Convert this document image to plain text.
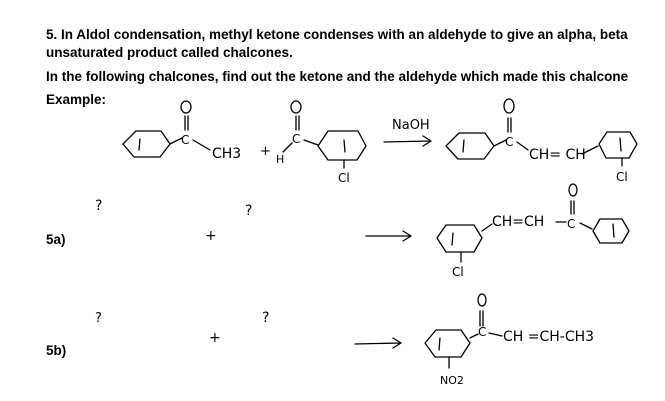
5. In Aldol condensation, methyl ketone condenses with an aldehyde to give an alpha, beta
unsaturated product called chalcones.
In the following chalcones, find out the ketone and the aldehyde which made this chalcone
Example:
5a)
5b)
C
CH3 +
C
H
Cl
NaOH
C
CH= CH
Cl
?
+
?
Cl
CH=CH C
?
+
?
NO2
C CH =CH-CH3
